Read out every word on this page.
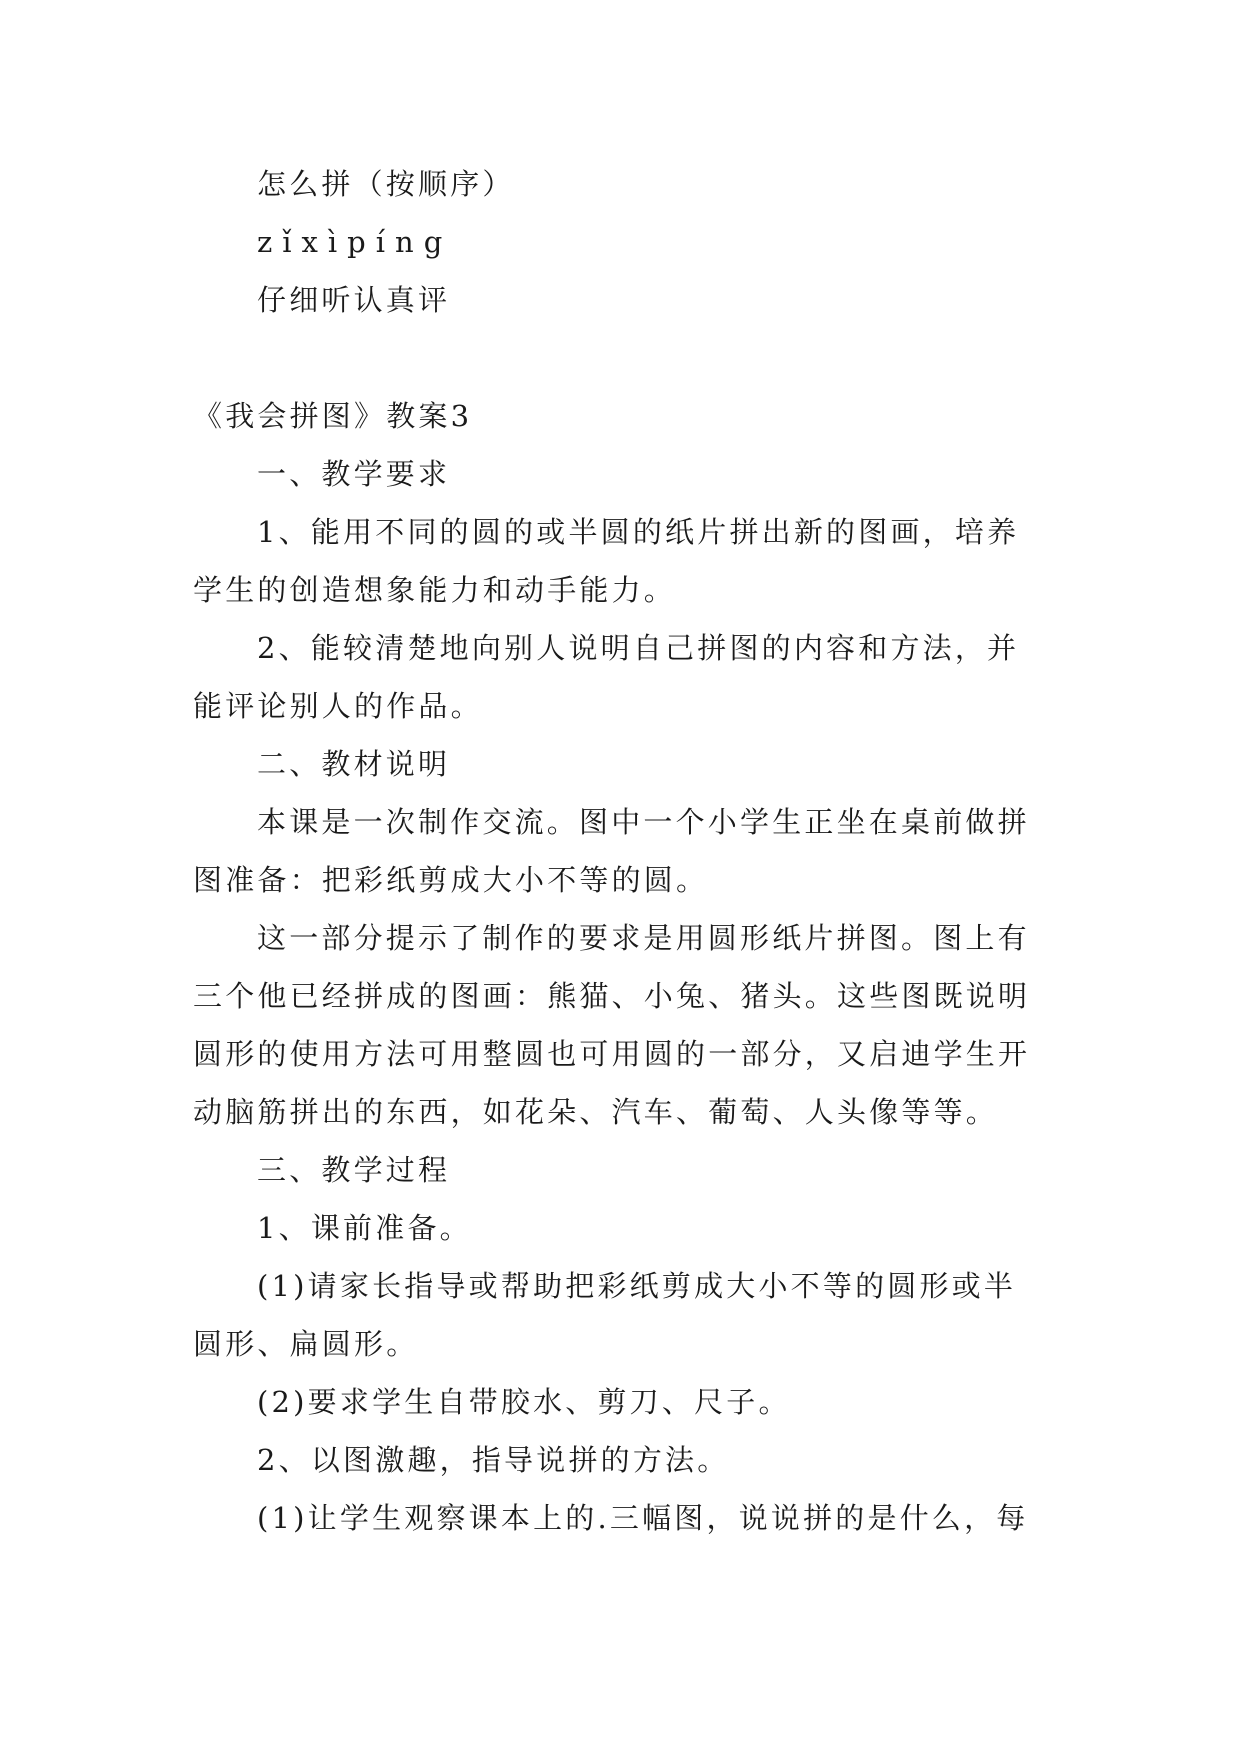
怎么拼（按顺序）
zǐxìpíng
仔细听认真评
《我会拼图》教案3
一、教学要求
1、能用不同的圆的或半圆的纸片拼出新的图画，培养
学生的创造想象能力和动手能力。
2、能较清楚地向别人说明自己拼图的内容和方法，并
能评论别人的作品。
二、教材说明
本课是一次制作交流。图中一个小学生正坐在桌前做拼
图准备：把彩纸剪成大小不等的圆。
这一部分提示了制作的要求是用圆形纸片拼图。图上有
三个他已经拼成的图画：熊猫、小兔、猪头。这些图既说明
圆形的使用方法可用整圆也可用圆的一部分，又启迪学生开
动脑筋拼出的东西，如花朵、汽车、葡萄、人头像等等。
三、教学过程
1、课前准备。
(1)请家长指导或帮助把彩纸剪成大小不等的圆形或半
圆形、扁圆形。
(2)要求学生自带胶水、剪刀、尺子。
2、以图激趣，指导说拼的方法。
(1)让学生观察课本上的.三幅图，说说拼的是什么，每
